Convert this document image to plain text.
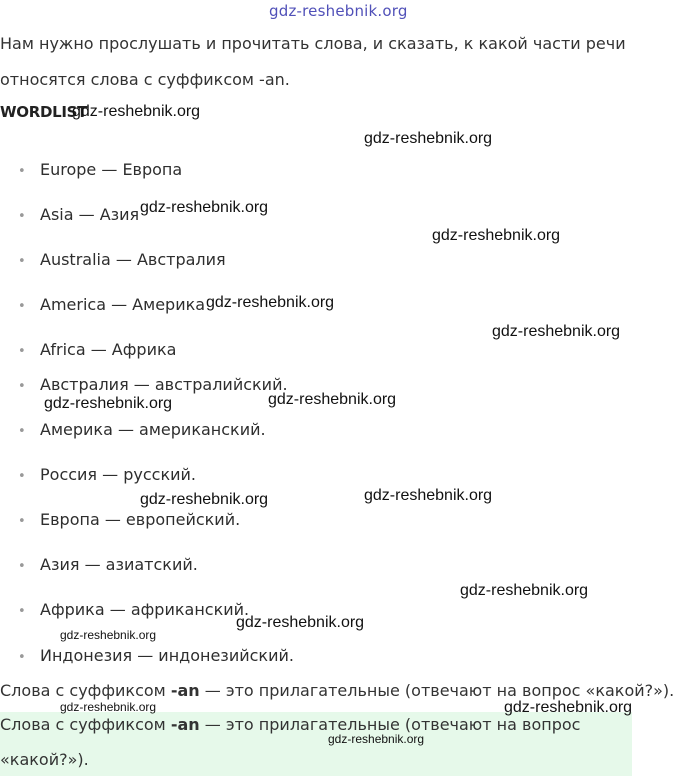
gdz-reshebnik.org
Нам нужно прослушать и прочитать слова, и сказать, к какой части речи
относятся слова с суффиксом -an.
WORDLIST
• Europe — Европа
• Asia — Азия
• Australia — Австралия
• America — Америка
• Africa — Африка
• Австралия — австралийский.
• Америка — американский.
• Россия — русский.
• Европа — европейский.
• Азия — азиатский.
• Африка — африканский.
• Индонезия — индонезийский.
Слова с суффиксом -an — это прилагательные (отвечают на вопрос «какой?»).
Слова с суффиксом -an — это прилагательные (отвечают на вопрос
«какой?»).
gdz-reshebnik.org
gdz-reshebnik.org
gdz-reshebnik.org
gdz-reshebnik.org
gdz-reshebnik.org
gdz-reshebnik.org
gdz-reshebnik.org
gdz-reshebnik.org
gdz-reshebnik.org
gdz-reshebnik.org
gdz-reshebnik.org
gdz-reshebnik.org
gdz-reshebnik.org
gdz-reshebnik.org	gdz-reshebnik.org
gdz-reshebnik.org
